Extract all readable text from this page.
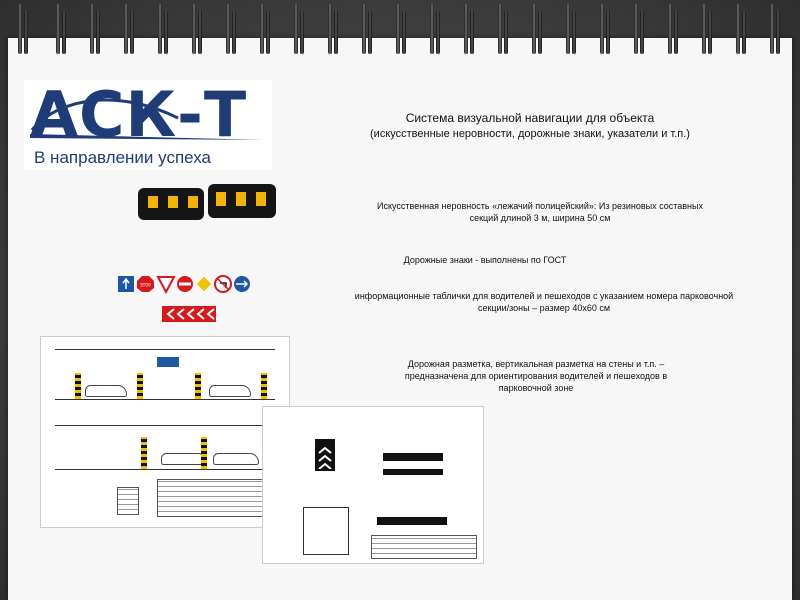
АСК-Т
В направлении успеха
Система визуальной навигации для объекта
(искусственные неровности, дорожные знаки, указатели и т.п.)
Искусственная неровность «лежачий полицейский»: Из резиновых составных секций длиной 3 м, ширина 50 см
STOP
Дорожные знаки - выполнены по ГОСТ
информационные таблички для водителей и пешеходов с указанием номера парковочной секции/зоны – размер 40х60 см
Дорожная разметка, вертикальная разметка на стены и т.п. – предназначена для ориентирования водителей и пешеходов в парковочной зоне
